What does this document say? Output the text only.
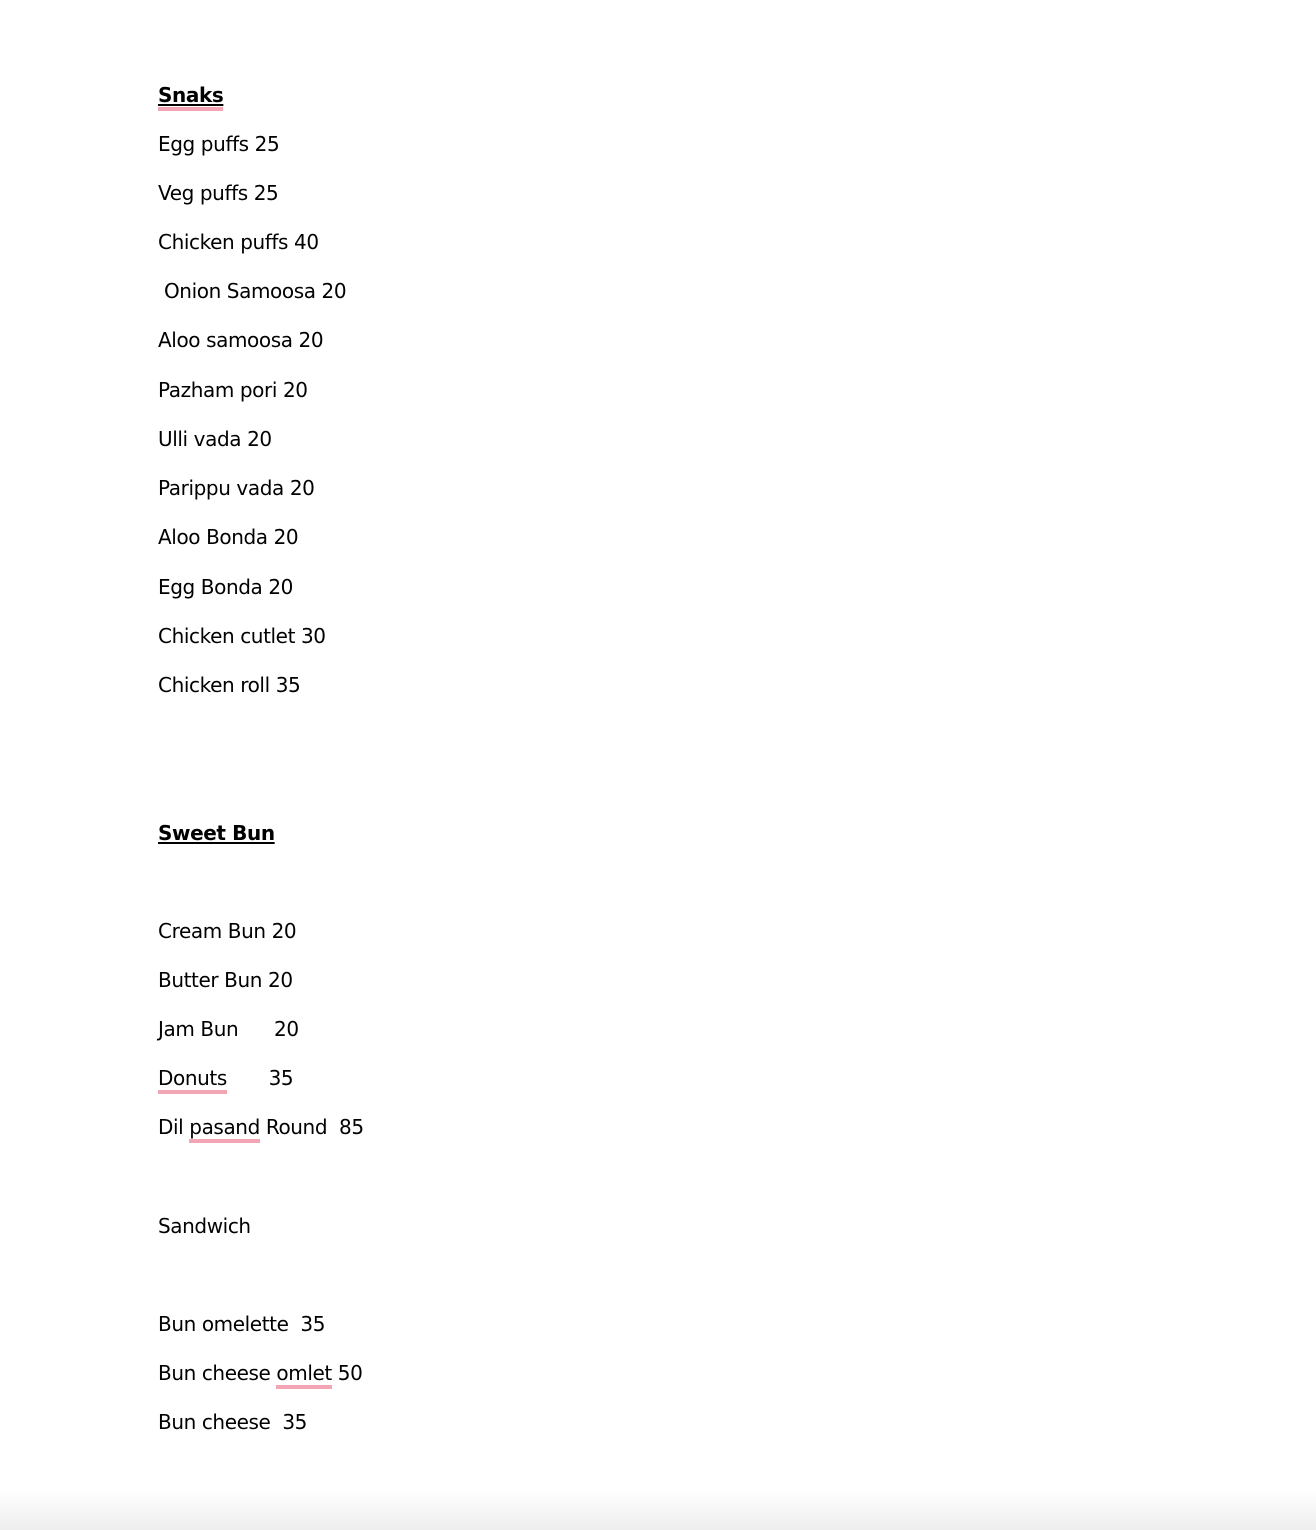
Snaks
Egg puffs 25
Veg puffs 25
Chicken puffs 40
Onion Samoosa 20
Aloo samoosa 20
Pazham pori 20
Ulli vada 20
Parippu vada 20
Aloo Bonda 20
Egg Bonda 20
Chicken cutlet 30
Chicken roll 35
Sweet Bun
Cream Bun 20
Butter Bun 20
Jam Bun 20
Donuts 35
Dil pasand Round  85
Sandwich
Bun omelette  35
Bun cheese omlet 50
Bun cheese  35
